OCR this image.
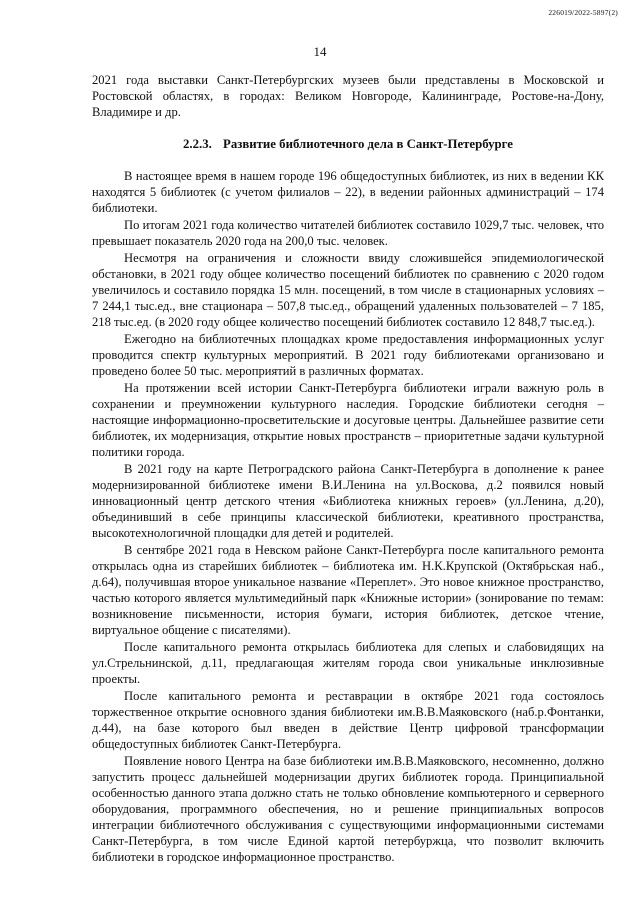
226019/2022-5897(2)
14

2021 года выставки Санкт-Петербургских музеев были представлены в Московской и Ростовской областях, в городах: Великом Новгороде, Калининграде, Ростове-на-Дону, Владимире и др.

2.2.3. Развитие библиотечного дела в Санкт-Петербурге

В настоящее время в нашем городе 196 общедоступных библиотек, из них в ведении КК находятся 5 библиотек (с учетом филиалов – 22), в ведении районных администраций – 174 библиотеки.

По итогам 2021 года количество читателей библиотек составило 1029,7 тыс. человек, что превышает показатель 2020 года на 200,0 тыс. человек.

Несмотря на ограничения и сложности ввиду сложившейся эпидемиологической обстановки, в 2021 году общее количество посещений библиотек по сравнению с 2020 годом увеличилось и составило порядка 15 млн. посещений, в том числе в стационарных условиях – 7 244,1 тыс.ед., вне стационара – 507,8 тыс.ед., обращений удаленных пользователей – 7 185, 218 тыс.ед. (в 2020 году общее количество посещений библиотек составило 12 848,7 тыс.ед.).

Ежегодно на библиотечных площадках кроме предоставления информационных услуг проводится спектр культурных мероприятий. В 2021 году библиотеками организовано и проведено более 50 тыс. мероприятий в различных форматах.

На протяжении всей истории Санкт-Петербурга библиотеки играли важную роль в сохранении и преумножении культурного наследия. Городские библиотеки сегодня – настоящие информационно-просветительские и досуговые центры. Дальнейшее развитие сети библиотек, их модернизация, открытие новых пространств – приоритетные задачи культурной политики города.

В 2021 году на карте Петроградского района Санкт-Петербурга в дополнение к ранее модернизированной библиотеке имени В.И.Ленина на ул.Воскова, д.2 появился новый инновационный центр детского чтения «Библиотека книжных героев» (ул.Ленина, д.20), объединивший в себе принципы классической библиотеки, креативного пространства, высокотехнологичной площадки для детей и родителей.

В сентябре 2021 года в Невском районе Санкт-Петербурга после капитального ремонта открылась одна из старейших библиотек – библиотека им. Н.К.Крупской (Октябрьская наб., д.64), получившая второе уникальное название «Переплет». Это новое книжное пространство, частью которого является мультимедийный парк «Книжные истории» (зонирование по темам: возникновение письменности, история бумаги, история библиотек, детское чтение, виртуальное общение с писателями).

После капитального ремонта открылась библиотека для слепых и слабовидящих на ул.Стрельнинской, д.11, предлагающая жителям города свои уникальные инклюзивные проекты.

После капитального ремонта и реставрации в октябре 2021 года состоялось торжественное открытие основного здания библиотеки им.В.В.Маяковского (наб.р.Фонтанки, д.44), на базе которого был введен в действие Центр цифровой трансформации общедоступных библиотек Санкт-Петербурга.

Появление нового Центра на базе библиотеки им.В.В.Маяковского, несомненно, должно запустить процесс дальнейшей модернизации других библиотек города. Принципиальной особенностью данного этапа должно стать не только обновление компьютерного и серверного оборудования, программного обеспечения, но и решение принципиальных вопросов интеграции библиотечного обслуживания с существующими информационными системами Санкт-Петербурга, в том числе Единой картой петербуржца, что позволит включить библиотеки в городское информационное пространство.
